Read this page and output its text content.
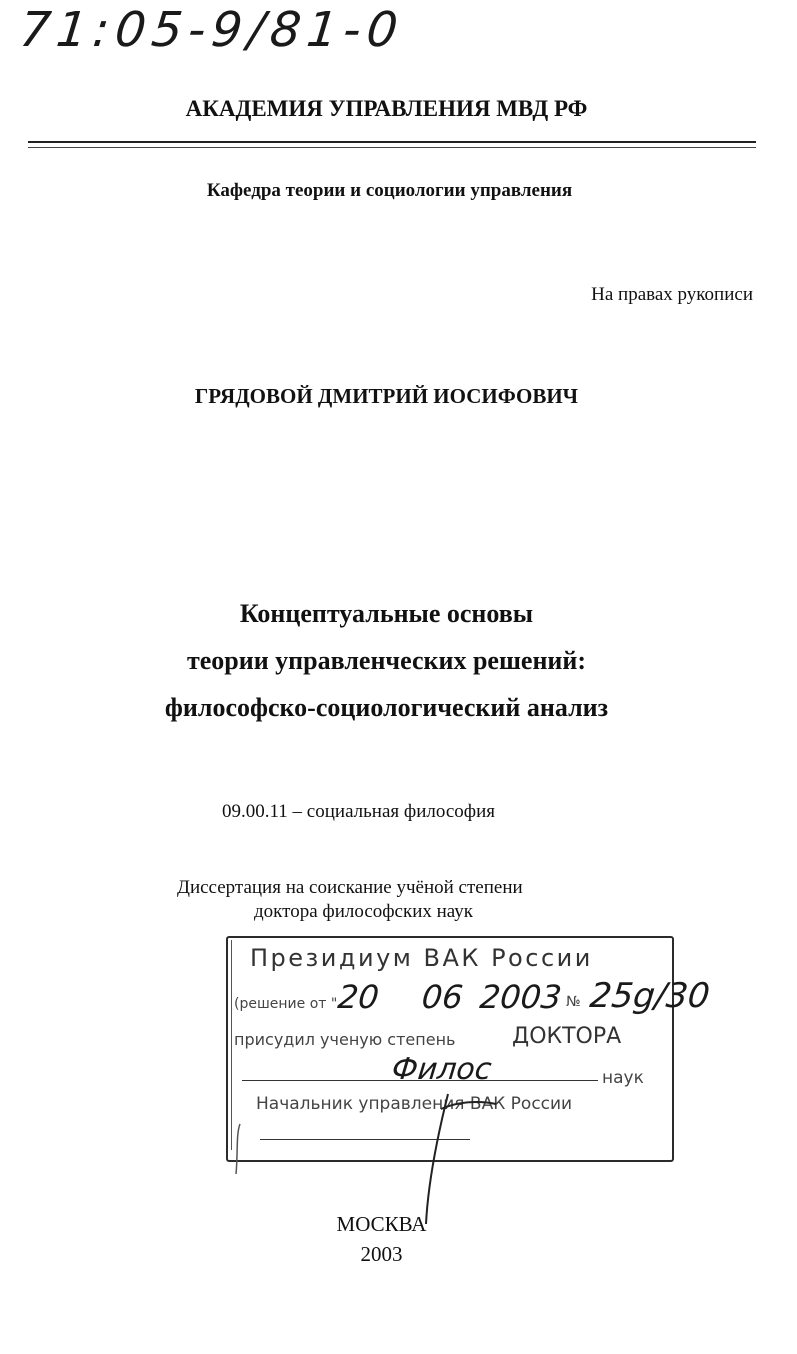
71:05-9/81-0
АКАДЕМИЯ УПРАВЛЕНИЯ МВД РФ
Кафедра теории и социологии управления
На правах рукописи
ГРЯДОВОЙ ДМИТРИЙ ИОСИФОВИЧ
Концептуальные основы
теории управленческих решений:
философско-социологический анализ
09.00.11 – социальная философия
Диссертация на соискание учёной степени
доктора философских наук
Президиум ВАК России
(решение от "
20 06 2003 № 25g/30
присудил ученую степень	ДОКТОРА
Филос	наук
Начальник управления ВАК России
МОСКВА
2003
